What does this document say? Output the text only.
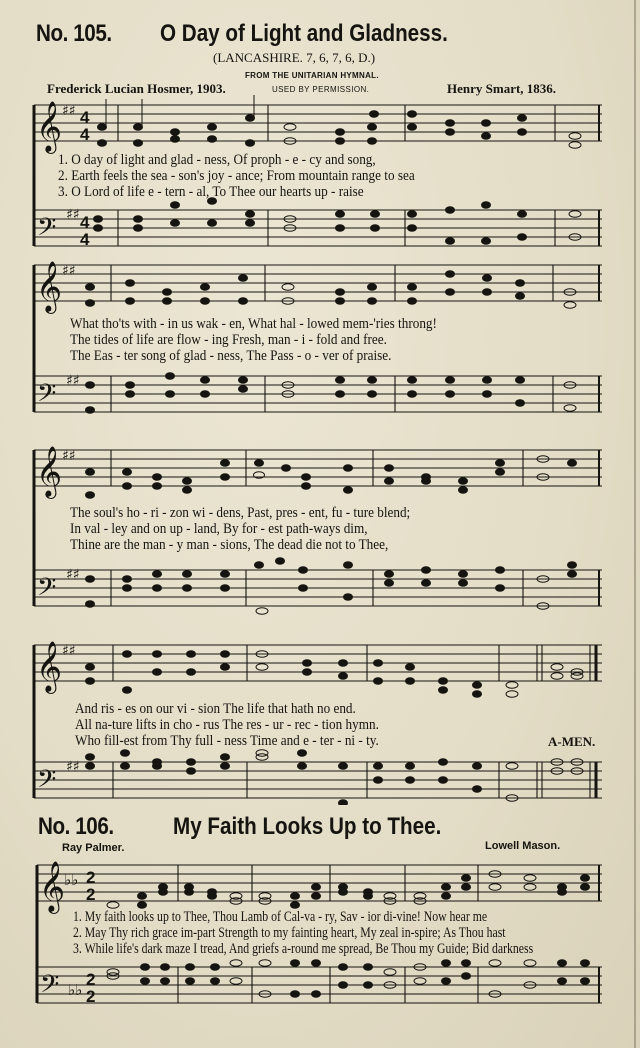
No. 105. O Day of Light and Gladness.
(LANCASHIRE. 7, 6, 7, 6, D.)
FROM THE UNITARIAN HYMNAL.
Frederick Lucian Hosmer, 1903.	USED BY PERMISSION.	Henry Smart, 1836.
𝄞
𝄢
♯♯
♯♯
4
4
4
4
1. O day of light and glad - ness, Of proph - e - cy and song,
2. Earth feels the sea - son's joy - ance; From mountain range to sea
3. O Lord of life e - tern - al, To Thee our hearts up - raise
𝄞
𝄢
♯♯
♯♯
What tho'ts with - in us wak - en, What hal - lowed mem-'ries throng!
The tides of life are flow - ing Fresh, man - i - fold and free.
The Eas - ter song of glad - ness, The Pass - o - ver of praise.
𝄞
𝄢
♯♯
♯♯
The soul's ho - ri - zon wi - dens, Past, pres - ent, fu - ture blend;
In val - ley and on up - land, By for - est path-ways dim,
Thine are the man - y man - sions, The dead die not to Thee,
𝄞
𝄢
♯♯
♯♯
And ris - es on our vi - sion The life that hath no end.
All na-ture lifts in cho - rus The res - ur - rec - tion hymn.
Who fill-est from Thy full - ness Time and e - ter - ni - ty.	A-MEN.
No. 106. My Faith Looks Up to Thee.
Ray Palmer.	Lowell Mason.
𝄞
𝄢
♭♭
♭♭
2
2
2
2
1. My faith looks up to Thee, Thou Lamb of Cal-va - ry, Sav - ior di-vine! Now hear me
2. May Thy rich grace im-part Strength to my fainting heart, My zeal in-spire; As Thou hast
3. While life's dark maze I tread, And griefs a-round me spread, Be Thou my Guide; Bid darkness
